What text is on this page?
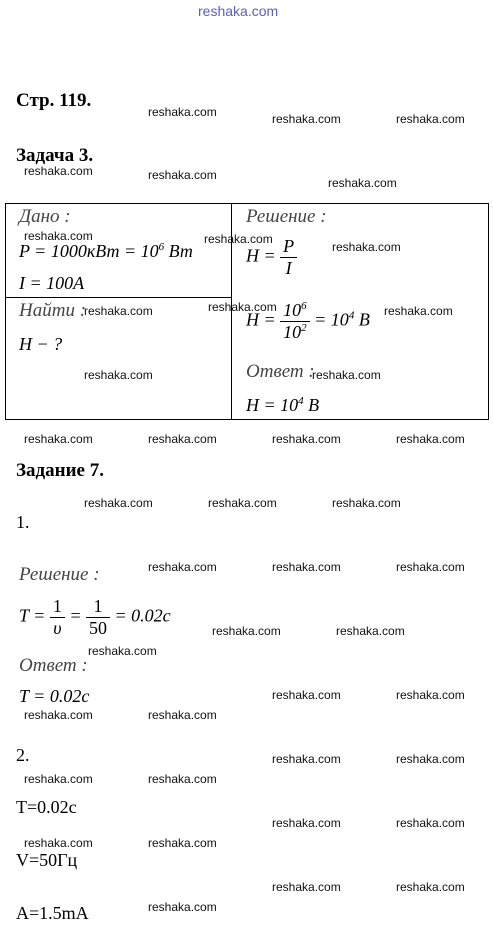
reshaka.com
Стр. 119.
Задача 3.
Дано :
$P = 1000кВт = 10^6$ Вт
I = 100A
Найти :
H − ?
Решение :
$H = \frac{P}{I}$
$H = \frac{10^6}{10^2} = 10^4$ В
Ответ :
$H = 10^4$ В
Задание 7.
1.
Решение :
$T = \frac{1}{\upsilon} = \frac{1}{50} = 0.02c$
Ответ :
T = 0.02c
2.
T=0.02c
V=50Гц
A=1.5mA
reshaka.com	reshaka.com	reshaka.com
reshaka.com	reshaka.com
reshaka.com
reshaka.com	reshaka.com
reshaka.com
reshaka.com	reshaka.com	reshaka.com
reshaka.com	reshaka.com
reshaka.com	reshaka.com	reshaka.com	reshaka.com
reshaka.com	reshaka.com	reshaka.com
reshaka.com	reshaka.com	reshaka.com
reshaka.com	reshaka.com
reshaka.com
reshaka.com	reshaka.com
reshaka.com	reshaka.com
reshaka.com	reshaka.com
reshaka.com	reshaka.com
reshaka.com	reshaka.com
reshaka.com	reshaka.com
reshaka.com	reshaka.com
reshaka.com
